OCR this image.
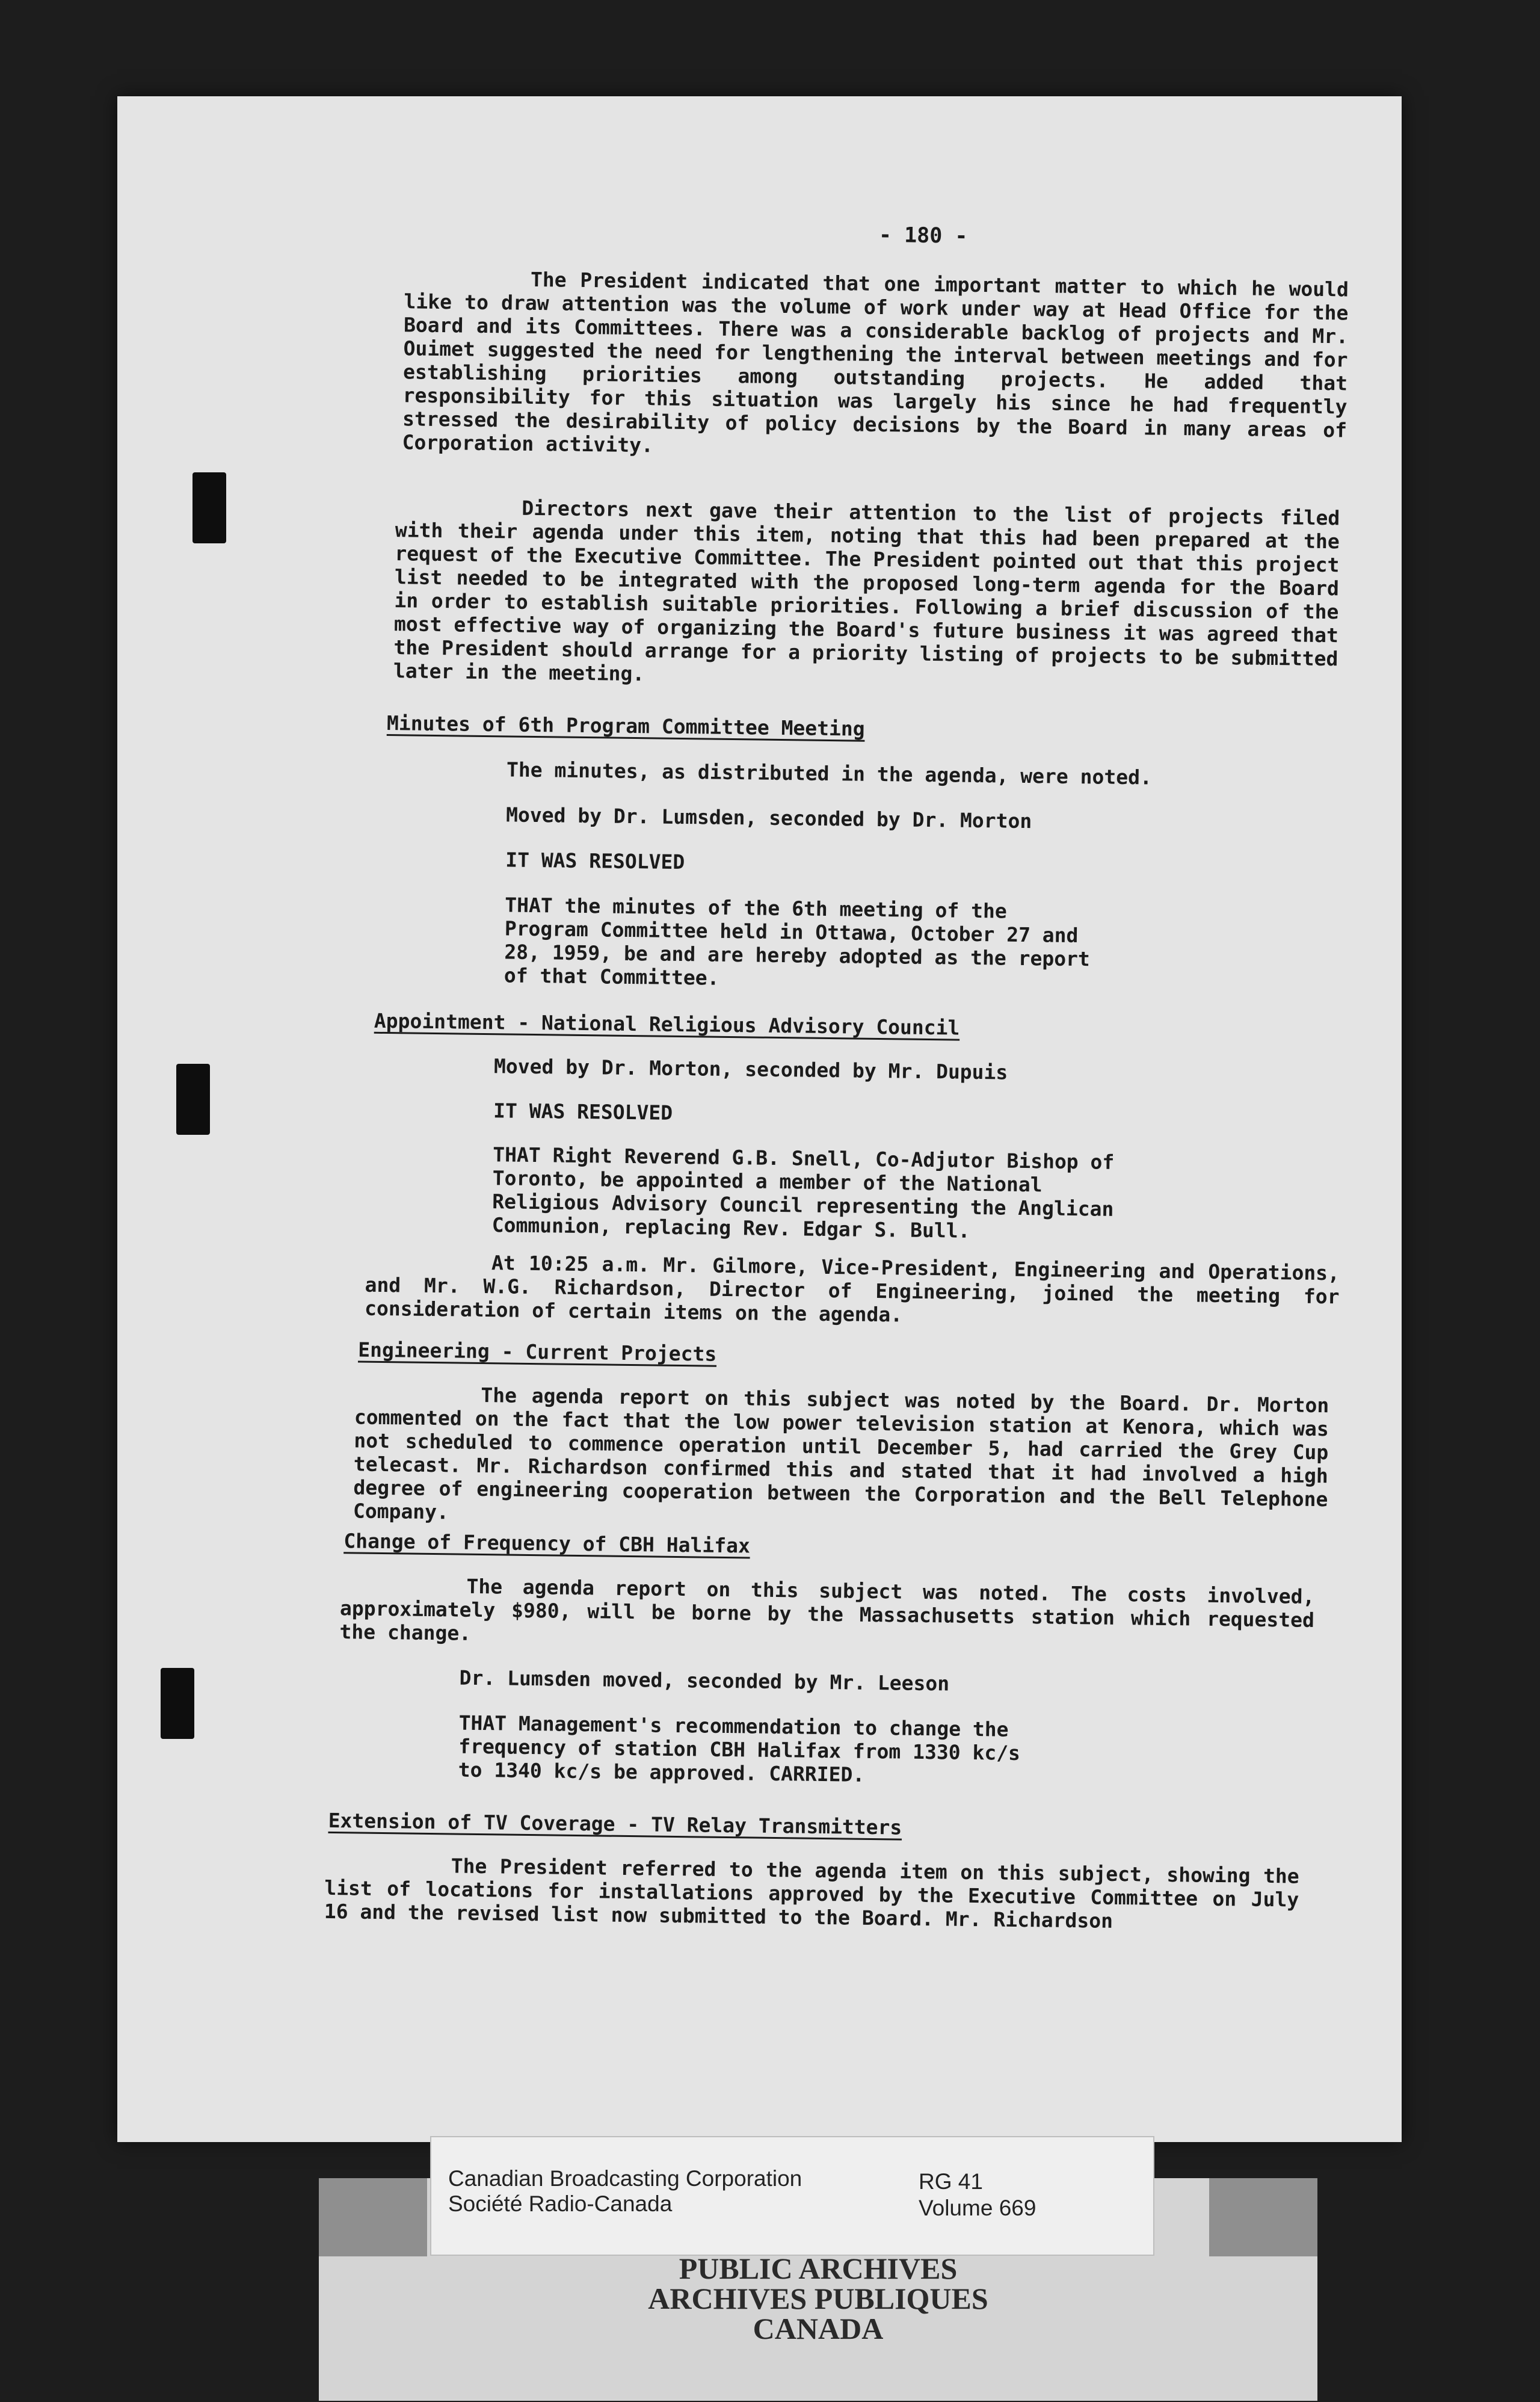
- 180 -

The President indicated that one important matter to which he would like to draw attention was the volume of work under way at Head Office for the Board and its Committees. There was a considerable backlog of projects and Mr. Ouimet suggested the need for lengthening the interval between meetings and for establishing priorities among outstanding projects. He added that responsibility for this situation was largely his since he had frequently stressed the desirability of policy decisions by the Board in many areas of Corporation activity.

Directors next gave their attention to the list of projects filed with their agenda under this item, noting that this had been prepared at the request of the Executive Committee. The President pointed out that this project list needed to be integrated with the proposed long-term agenda for the Board in order to establish suitable priorities. Following a brief discussion of the most effective way of organizing the Board's future business it was agreed that the President should arrange for a priority listing of projects to be submitted later in the meeting.

Minutes of 6th Program Committee Meeting

The minutes, as distributed in the agenda, were noted.

Moved by Dr. Lumsden, seconded by Dr. Morton

IT WAS RESOLVED

THAT the minutes of the 6th meeting of the Program Committee held in Ottawa, October 27 and 28, 1959, be and are hereby adopted as the report of that Committee.

Appointment - National Religious Advisory Council

Moved by Dr. Morton, seconded by Mr. Dupuis

IT WAS RESOLVED

THAT Right Reverend G.B. Snell, Co-Adjutor Bishop of Toronto, be appointed a member of the National Religious Advisory Council representing the Anglican Communion, replacing Rev. Edgar S. Bull.

At 10:25 a.m. Mr. Gilmore, Vice-President, Engineering and Operations, and Mr. W.G. Richardson, Director of Engineering, joined the meeting for consideration of certain items on the agenda.

Engineering - Current Projects

The agenda report on this subject was noted by the Board. Dr. Morton commented on the fact that the low power television station at Kenora, which was not scheduled to commence operation until December 5, had carried the Grey Cup telecast. Mr. Richardson confirmed this and stated that it had involved a high degree of engineering cooperation between the Corporation and the Bell Telephone Company.

Change of Frequency of CBH Halifax

The agenda report on this subject was noted. The costs involved, approximately $980, will be borne by the Massachusetts station which requested the change.

Dr. Lumsden moved, seconded by Mr. Leeson

THAT Management's recommendation to change the frequency of station CBH Halifax from 1330 kc/s to 1340 kc/s be approved. CARRIED.

Extension of TV Coverage - TV Relay Transmitters

The President referred to the agenda item on this subject, showing the list of locations for installations approved by the Executive Committee on July 16 and the revised list now submitted to the Board. Mr. Richardson

Canadian Broadcasting Corporation
Société Radio-Canada
RG 41
Volume 669
PUBLIC ARCHIVES
ARCHIVES PUBLIQUES
CANADA
